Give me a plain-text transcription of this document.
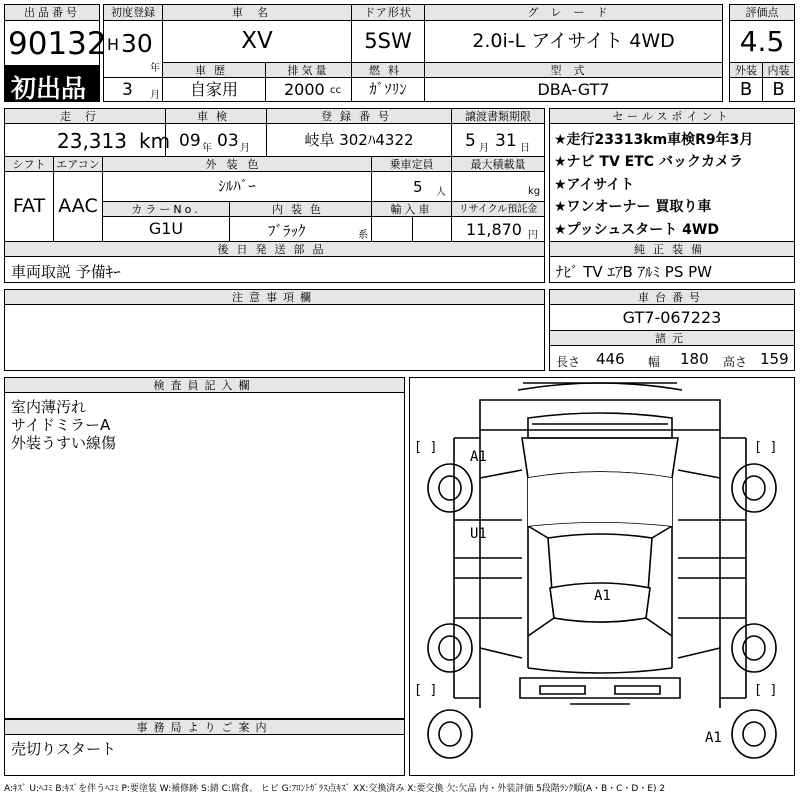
出品番号
90132
初出品
初度登録
H 30
年
3 月
車名
XV
ドア形状
5SW
グレード
2.0i-L アイサイト 4WD
評価点
4.5
車歴
自家用
排気量
2000 cc
燃料
ｶﾞｿﾘﾝ
型式
DBA-GT7
外装 内装
B	B
走行
23,313 km
車検
09 年 03 月
登録番号
岐阜 302ﾊ4322
譲渡書類期限
5 月 31 日
シフト エアコン
FAT AAC
外装色
ｼﾙﾊﾞｰ
乗車定員
5 人
最大積載量
kg
カラーNo.
G1U
内装色
ﾌﾞﾗｯｸ	系
輸入車	リサイクル預託金
11,870 円
後日発送部品
車両取説 予備ｷｰ
セールスポイント
★走行23313km車検R9年3月
★ナビ TV ETC バックカメラ
★アイサイト
★ワンオーナー 買取り車
★プッシュスタート 4WD
純正装備
ﾅﾋﾞ TV ｴｱB ｱﾙﾐ PS PW
注意事項欄	車台番号
GT7-067223
諸元
長さ 446 幅 180 高さ 159
検査員記入欄
室内薄汚れ
サイドミラーA
外装うすい線傷
事務局よりご案内
売切りスタート
[ ]	[ ]
[ ]	[ ]
A1
U1
A1
A1
A:ｷｽﾞ U:ﾍｺﾐ B:ｷｽﾞを伴うﾍｺﾐ P:要塗装 W:補修跡 S:錆 C:腐食、 ヒビ G:ﾌﾛﾝﾄｶﾞﾗｽ点ｷｽﾞ XX:交換済み X:要交換 欠:欠品 内・外装評価 5段階ﾗﾝｸ順(A・B・C・D・E) 2
